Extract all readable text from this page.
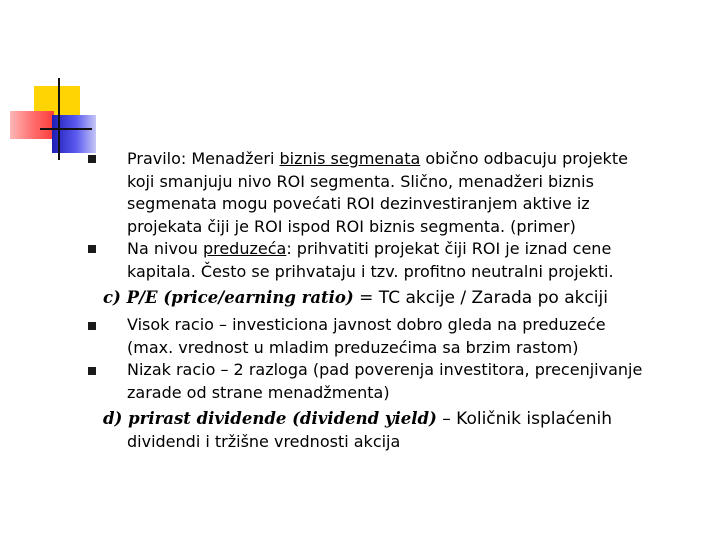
Pravilo: Menadžeri biznis segmenata obično odbacuju projekte

koji smanjuju nivo ROI segmenta. Slično, menadžeri biznis

segmenata mogu povećati ROI dezinvestiranjem aktive iz

projekata čiji je ROI ispod ROI biznis segmenta. (primer)

Na nivou preduzeća: prihvatiti projekat čiji ROI je iznad cene

kapitala. Često se prihvataju i tzv. profitno neutralni projekti.

c) P/E (price/earning ratio) = TC akcije / Zarada po akciji

Visok racio – investiciona javnost dobro gleda na preduzeće

(max. vrednost u mladim preduzećima sa brzim rastom)

Nizak racio – 2 razloga (pad poverenja investitora, precenjivanje

zarade od strane menadžmenta)

d) prirast dividende (dividend yield) – Količnik isplaćenih

dividendi i tržišne vrednosti akcija
